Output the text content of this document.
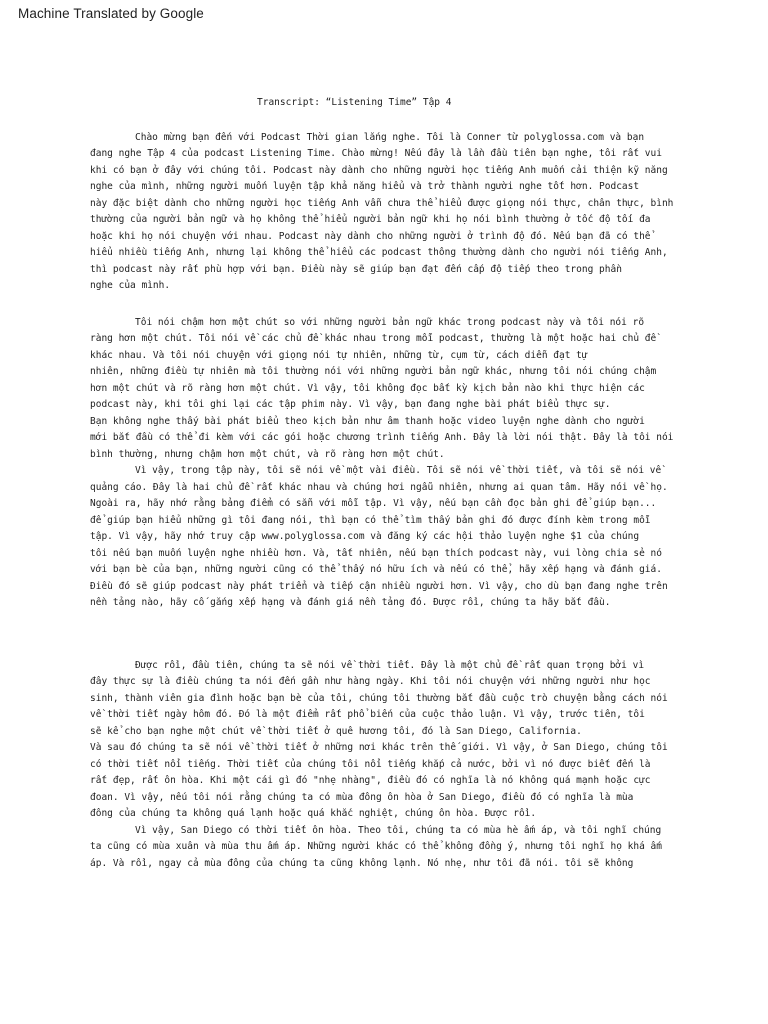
Machine Translated by Google
Transcript: “Listening Time” Tập 4
Chào mừng bạn đến với Podcast Thời gian lắng nghe. Tôi là Conner từ polyglossa.com và bạn
đang nghe Tập 4 của podcast Listening Time. Chào mừng! Nếu đây là lần đầu tiên bạn nghe, tôi rất vui
khi có bạn ở đây với chúng tôi. Podcast này dành cho những người học tiếng Anh muốn cải thiện kỹ năng
nghe của mình, những người muốn luyện tập khả năng hiểu và trở thành người nghe tốt hơn. Podcast
này đặc biệt dành cho những người học tiếng Anh vẫn chưa thể hiểu được giọng nói thực, chân thực, bình
thường của người bản ngữ và họ không thể hiểu người bản ngữ khi họ nói bình thường ở tốc độ tối đa
hoặc khi họ nói chuyện với nhau. Podcast này dành cho những người ở trình độ đó. Nếu bạn đã có thể
hiểu nhiều tiếng Anh, nhưng lại không thể hiểu các podcast thông thường dành cho người nói tiếng Anh,
thì podcast này rất phù hợp với bạn. Điều này sẽ giúp bạn đạt đến cấp độ tiếp theo trong phần
nghe của mình.
Tôi nói chậm hơn một chút so với những người bản ngữ khác trong podcast này và tôi nói rõ
ràng hơn một chút. Tôi nói về các chủ đề khác nhau trong mỗi podcast, thường là một hoặc hai chủ đề
khác nhau. Và tôi nói chuyện với giọng nói tự nhiên, những từ, cụm từ, cách diễn đạt tự
nhiên, những điều tự nhiên mà tôi thường nói với những người bản ngữ khác, nhưng tôi nói chúng chậm
hơn một chút và rõ ràng hơn một chút. Vì vậy, tôi không đọc bất kỳ kịch bản nào khi thực hiện các
podcast này, khi tôi ghi lại các tập phim này. Vì vậy, bạn đang nghe bài phát biểu thực sự.
Bạn không nghe thấy bài phát biểu theo kịch bản như âm thanh hoặc video luyện nghe dành cho người
mới bắt đầu có thể đi kèm với các gói hoặc chương trình tiếng Anh. Đây là lời nói thật. Đây là tôi nói
bình thường, nhưng chậm hơn một chút, và rõ ràng hơn một chút.
Vì vậy, trong tập này, tôi sẽ nói về một vài điều. Tôi sẽ nói về thời tiết, và tôi sẽ nói về
quảng cáo. Đây là hai chủ đề rất khác nhau và chúng hơi ngẫu nhiên, nhưng ai quan tâm. Hãy nói về họ.
Ngoài ra, hãy nhớ rằng bảng điểm có sẵn với mỗi tập. Vì vậy, nếu bạn cần đọc bản ghi để giúp bạn...
để giúp bạn hiểu những gì tôi đang nói, thì bạn có thể tìm thấy bản ghi đó được đính kèm trong mỗi
tập. Vì vậy, hãy nhớ truy cập www.polyglossa.com và đăng ký các hội thảo luyện nghe $1 của chúng
tôi nếu bạn muốn luyện nghe nhiều hơn. Và, tất nhiên, nếu bạn thích podcast này, vui lòng chia sẻ nó
với bạn bè của bạn, những người cũng có thể thấy nó hữu ích và nếu có thể, hãy xếp hạng và đánh giá.
Điều đó sẽ giúp podcast này phát triển và tiếp cận nhiều người hơn. Vì vậy, cho dù bạn đang nghe trên
nền tảng nào, hãy cố gắng xếp hạng và đánh giá nền tảng đó. Được rồi, chúng ta hãy bắt đầu.
Được rồi, đầu tiên, chúng ta sẽ nói về thời tiết. Đây là một chủ đề rất quan trọng bởi vì
đây thực sự là điều chúng ta nói đến gần như hàng ngày. Khi tôi nói chuyện với những người như học
sinh, thành viên gia đình hoặc bạn bè của tôi, chúng tôi thường bắt đầu cuộc trò chuyện bằng cách nói
về thời tiết ngày hôm đó. Đó là một điểm rất phổ biến của cuộc thảo luận. Vì vậy, trước tiên, tôi
sẽ kể cho bạn nghe một chút về thời tiết ở quê hương tôi, đó là San Diego, California.
Và sau đó chúng ta sẽ nói về thời tiết ở những nơi khác trên thế giới. Vì vậy, ở San Diego, chúng tôi
có thời tiết nổi tiếng. Thời tiết của chúng tôi nổi tiếng khắp cả nước, bởi vì nó được biết đến là
rất đẹp, rất ôn hòa. Khi một cái gì đó "nhẹ nhàng", điều đó có nghĩa là nó không quá mạnh hoặc cực
đoan. Vì vậy, nếu tôi nói rằng chúng ta có mùa đông ôn hòa ở San Diego, điều đó có nghĩa là mùa
đông của chúng ta không quá lạnh hoặc quá khắc nghiệt, chúng ôn hòa. Được rồi.
Vì vậy, San Diego có thời tiết ôn hòa. Theo tôi, chúng ta có mùa hè ấm áp, và tôi nghĩ chúng
ta cũng có mùa xuân và mùa thu ấm áp. Những người khác có thể không đồng ý, nhưng tôi nghĩ họ khá ấm
áp. Và rồi, ngay cả mùa đông của chúng ta cũng không lạnh. Nó nhẹ, như tôi đã nói. tôi sẽ không
